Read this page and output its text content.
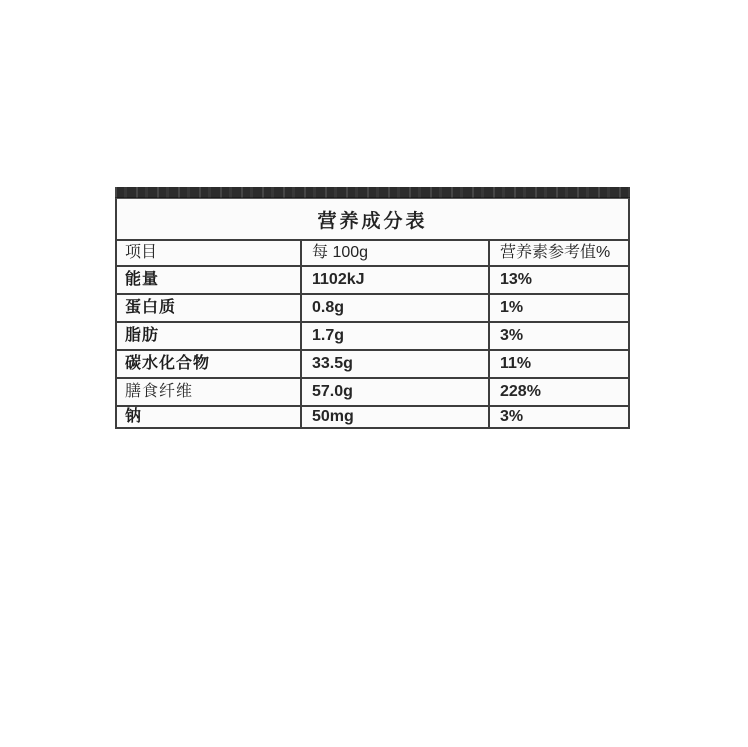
营养成分表
项目	每 100g	营养素参考值%
能量	1102kJ	13%
蛋白质	0.8g	1%
脂肪	1.7g	3%
碳水化合物	33.5g	11%
膳食纤维	57.0g	228%
钠	50mg	3%
